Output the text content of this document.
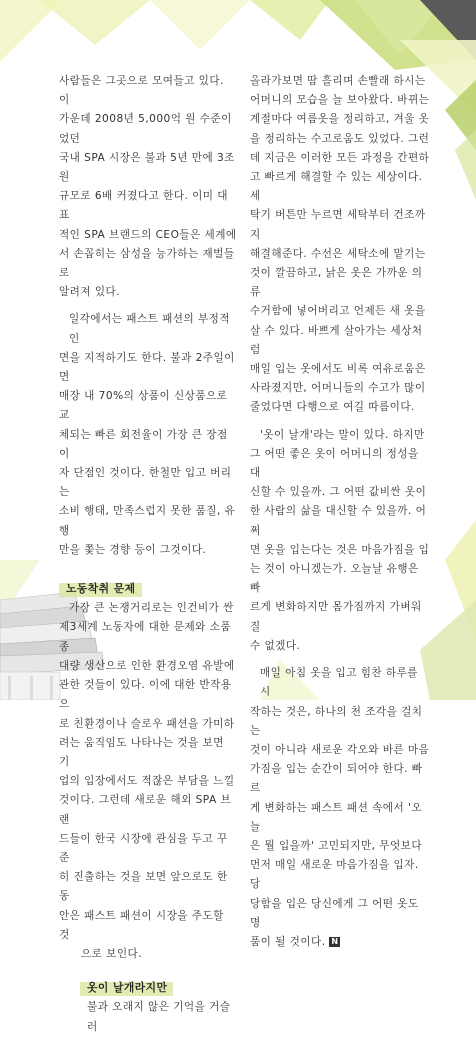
사람들은 그곳으로 모여들고 있다. 이

가운데 2008년 5,000억 원 수준이었던

국내 SPA 시장은 불과 5년 만에 3조원

규모로 6배 커졌다고 한다. 이미 대표

적인 SPA 브랜드의 CEO들은 세계에

서 손꼽히는 삼성을 능가하는 재벌들로

알려져 있다.

일각에서는 패스트 패션의 부정적인

면을 지적하기도 한다. 불과 2주일이면

매장 내 70%의 상품이 신상품으로 교

체되는 빠른 회전율이 가장 큰 장점이

자 단점인 것이다. 한철만 입고 버리는

소비 행태, 만족스럽지 못한 품질, 유행

만을 쫓는 경향 등이 그것이다.

노동착취 문제

가장 큰 논쟁거리로는 인건비가 싼

제3세계 노동자에 대한 문제와 소품종

대량 생산으로 인한 환경오염 유발에

관한 것들이 있다. 이에 대한 반작용으

로 친환경이나 슬로우 패션을 가미하

려는 움직임도 나타나는 것을 보면 기

업의 입장에서도 적잖은 부담을 느낄

것이다. 그런데 새로운 해외 SPA 브랜

드들이 한국 시장에 관심을 두고 꾸준

히 진출하는 것을 보면 앞으로도 한동

안은 패스트 패션이 시장을 주도할 것

으로 보인다.

옷이 날개라지만

불과 오래지 않은 기억을 거슬러

올라가보면 땀 흘리며 손빨래 하시는

어머니의 모습을 늘 보아왔다. 바뀌는

계절마다 여름옷을 정리하고, 겨울 옷

을 정리하는 수고로움도 있었다. 그런

데 지금은 이러한 모든 과정을 간편하

고 빠르게 해결할 수 있는 세상이다. 세

탁기 버튼만 누르면 세탁부터 건조까지

해결해준다. 수선은 세탁소에 맡기는

것이 깔끔하고, 낡은 옷은 가까운 의류

수거함에 넣어버리고 언제든 새 옷을

살 수 있다. 바쁘게 살아가는 세상처럼

매일 입는 옷에서도 비록 여유로움은

사라졌지만, 어머니들의 수고가 많이

줄었다면 다행으로 여길 따름이다.

'옷이 날개'라는 말이 있다. 하지만

그 어떤 좋은 옷이 어머니의 정성을 대

신할 수 있을까. 그 어떤 값비싼 옷이

한 사람의 삶을 대신할 수 있을까. 어쩌

면 옷을 입는다는 것은 마음가짐을 입

는 것이 아니겠는가. 오늘날 유행은 빠

르게 변화하지만 몸가짐까지 가벼워질

수 없겠다.

매일 아침 옷을 입고 힘찬 하루를 시

작하는 것은, 하나의 천 조각을 걸치는

것이 아니라 새로운 각오와 바른 마음

가짐을 입는 순간이 되어야 한다. 빠르

게 변화하는 패스트 패션 속에서 '오늘

은 뭘 입을까' 고민되지만, 무엇보다

먼저 매일 새로운 마음가짐을 입자. 당

당함을 입은 당신에게 그 어떤 옷도 명

품이 될 것이다. N
